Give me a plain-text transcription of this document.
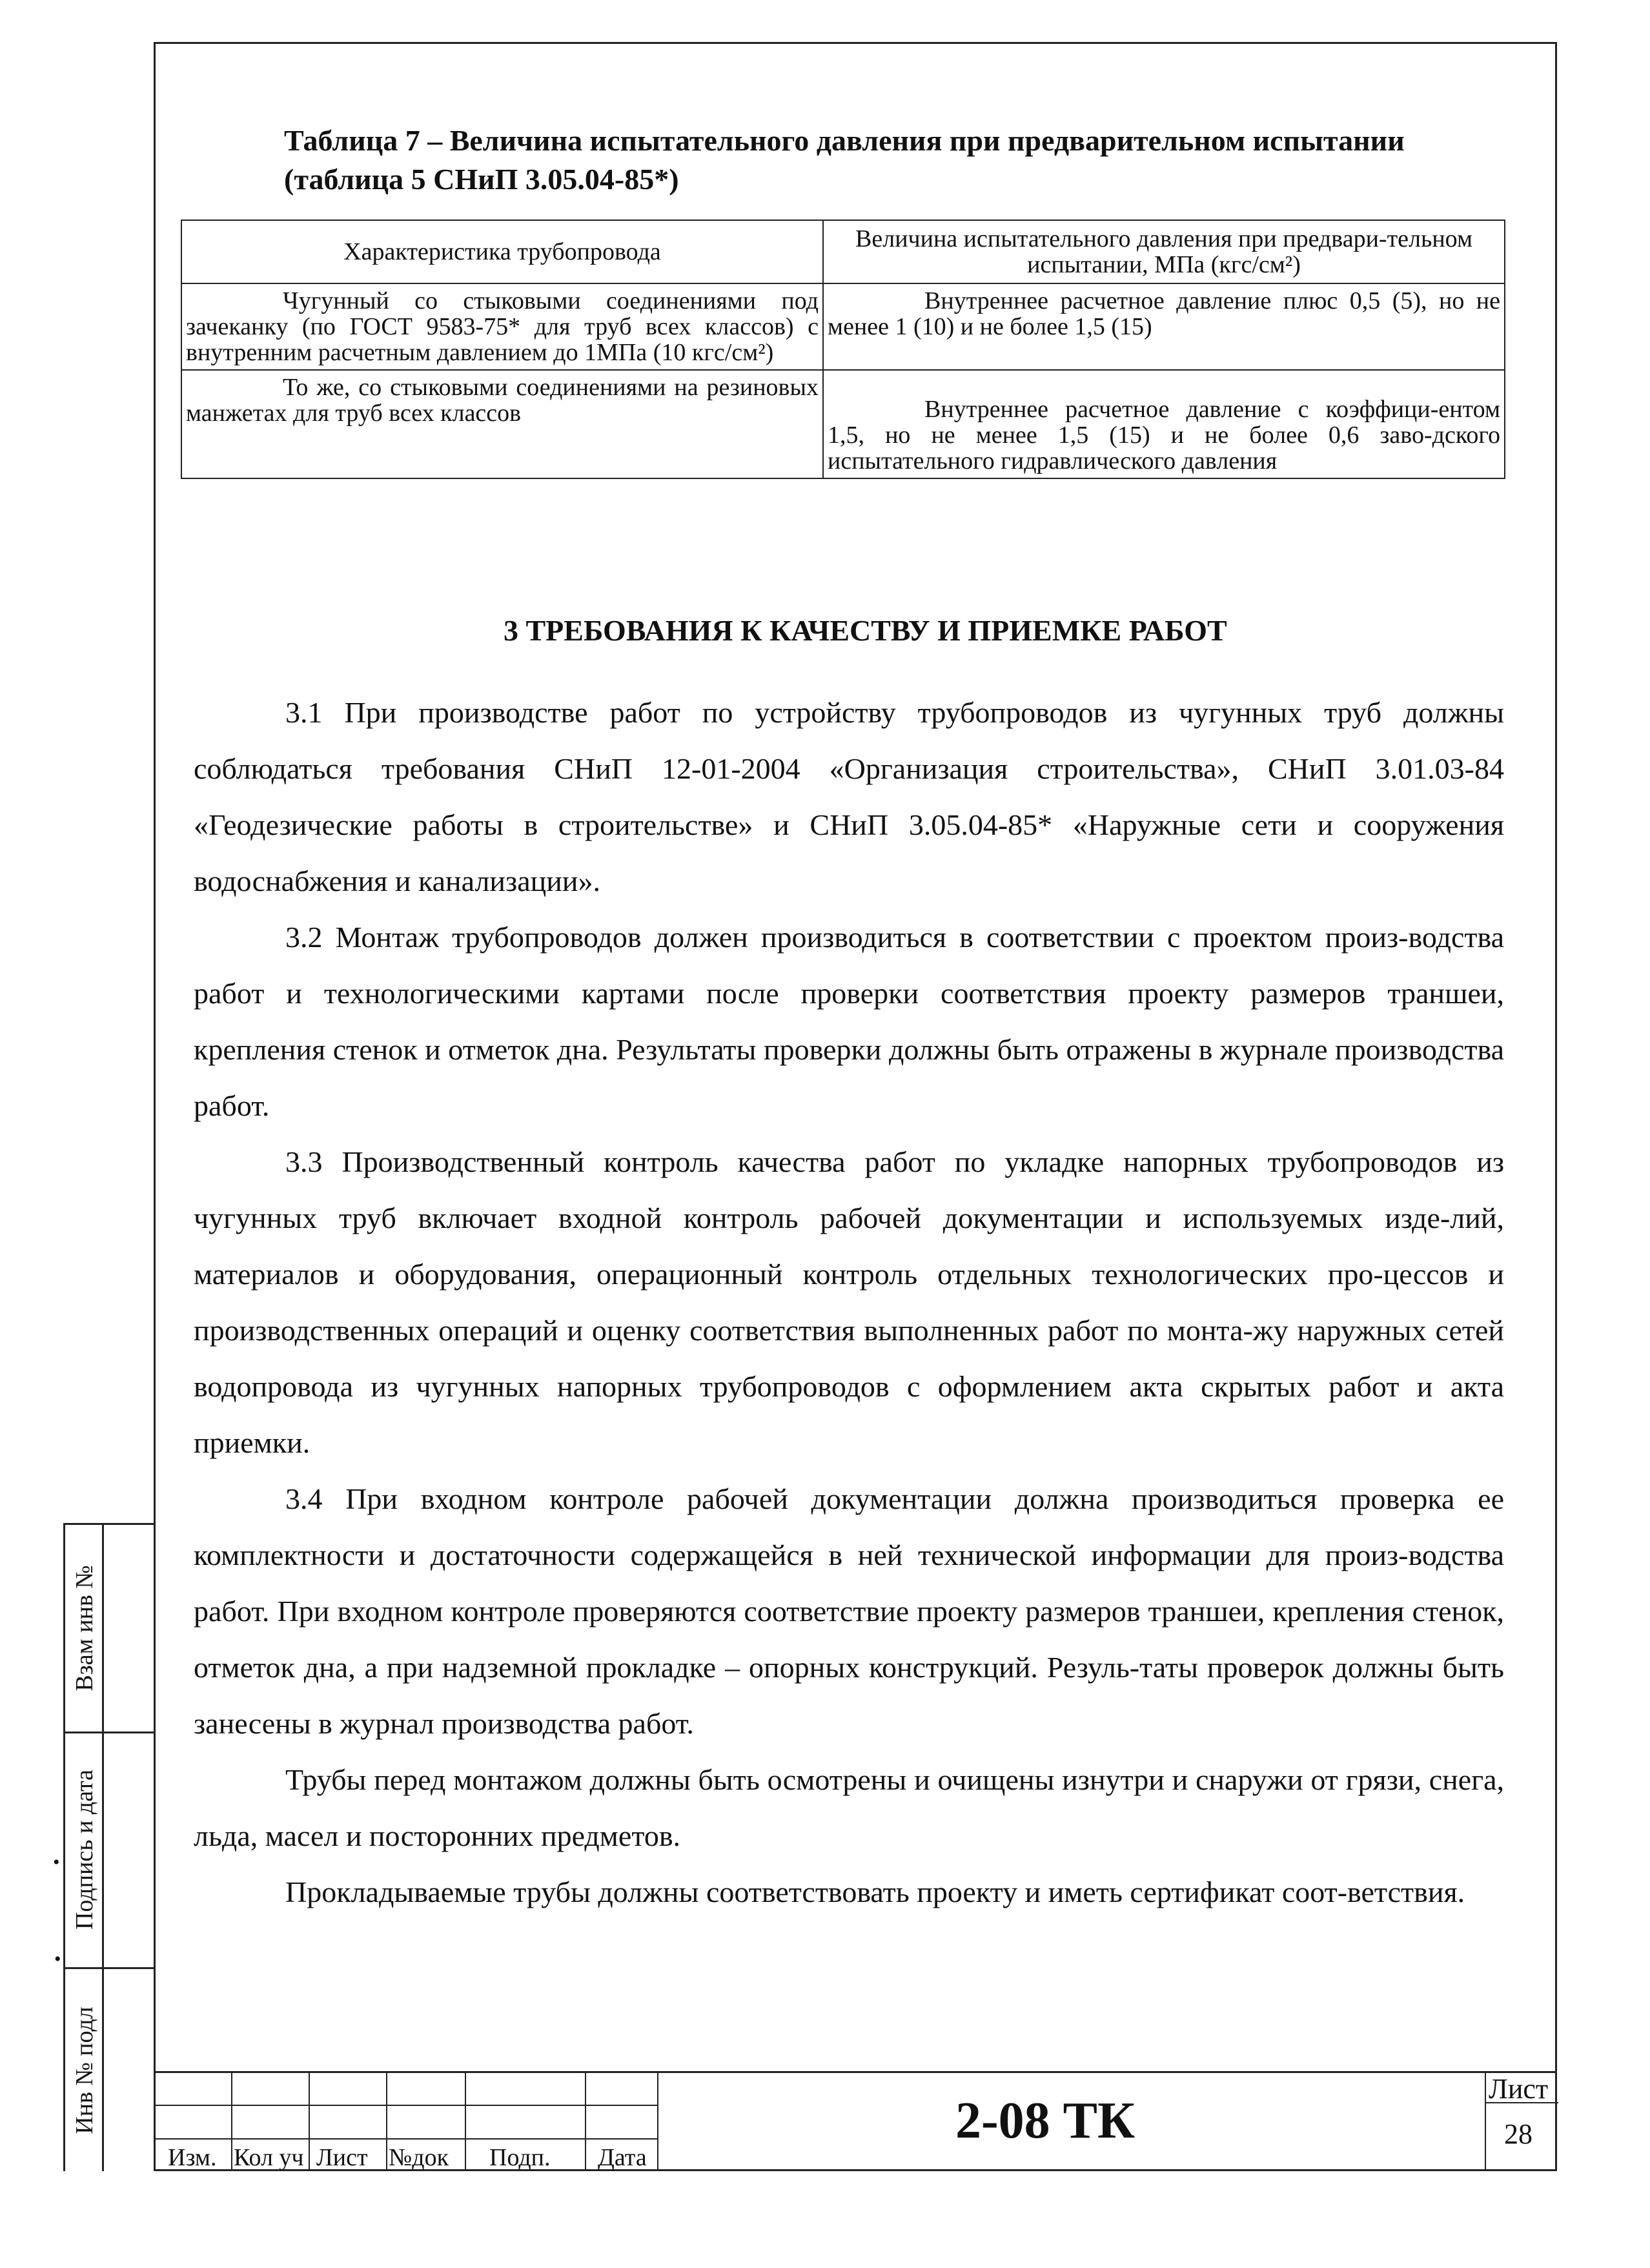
Взам инв №
Подпись и дата
Инв № подл
•
•
Таблица 7 – Величина испытательного давления при предварительном испытании (таблица 5 СНиП 3.05.04-85*)
Характеристика трубопровода	Величина испытательного давления при предвари-тельном испытании, МПа (кгс/см²)
Чугунный со стыковыми соединениями под зачеканку (по ГОСТ 9583-75* для труб всех классов) с внутренним расчетным давлением до 1МПа (10 кгс/см²)	Внутреннее расчетное давление плюс 0,5 (5), но не менее 1 (10) и не более 1,5 (15)
То же, со стыковыми соединениями на резиновых манжетах для труб всех классов	Внутреннее расчетное давление с коэффици-ентом 1,5, но не менее 1,5 (15) и не более 0,6 заво-дского испытательного гидравлического давления
3 ТРЕБОВАНИЯ К КАЧЕСТВУ И ПРИЕМКЕ РАБОТ

3.1 При производстве работ по устройству трубопроводов из чугунных труб должны соблюдаться требования СНиП 12-01-2004 «Организация строительства», СНиП 3.01.03-84 «Геодезические работы в строительстве» и СНиП 3.05.04-85* «Наружные сети и сооружения водоснабжения и канализации».

3.2 Монтаж трубопроводов должен производиться в соответствии с проектом произ-водства работ и технологическими картами после проверки соответствия проекту размеров траншеи, крепления стенок и отметок дна. Результаты проверки должны быть отражены в журнале производства работ.

3.3 Производственный контроль качества работ по укладке напорных трубопроводов из чугунных труб включает входной контроль рабочей документации и используемых изде-лий, материалов и оборудования, операционный контроль отдельных технологических про-цессов и производственных операций и оценку соответствия выполненных работ по монта-жу наружных сетей водопровода из чугунных напорных трубопроводов с оформлением акта скрытых работ и акта приемки.

3.4 При входном контроле рабочей документации должна производиться проверка ее комплектности и достаточности содержащейся в ней технической информации для произ-водства работ. При входном контроле проверяются соответствие проекту размеров траншеи, крепления стенок, отметок дна, а при надземной прокладке – опорных конструкций. Резуль-таты проверок должны быть занесены в журнал производства работ.

Трубы перед монтажом должны быть осмотрены и очищены изнутри и снаружи от грязи, снега, льда, масел и посторонних предметов.

Прокладываемые трубы должны соответствовать проекту и иметь сертификат соот-ветствия.

Изм. Кол уч Лист №док Подп. Дата
2-08 ТК
Лист
28
